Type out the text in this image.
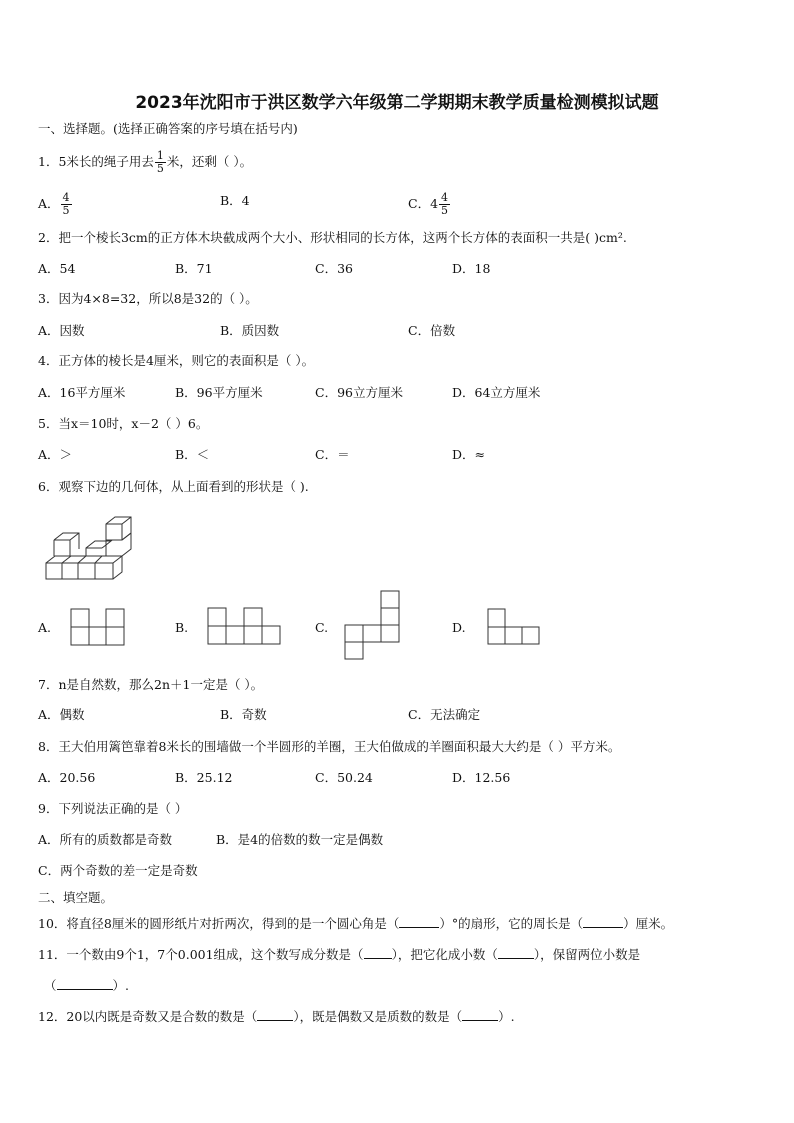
2023年沈阳市于洪区数学六年级第二学期期末教学质量检测模拟试题
一、选择题。(选择正确答案的序号填在括号内)
1．5米长的绳子用去 $\frac{1}{5}$ 米，还剩（ ）。
A． $\frac{4}{5}$	B．4	C．$4 \frac{4}{5}$
2．把一个棱长3cm的正方体木块截成两个大小、形状相同的长方体，这两个长方体的表面积一共是( )cm².
A．54	B．71	C．36	D．18
3．因为4×8=32，所以8是32的（ ）。
A．因数	B．质因数	C．倍数
4．正方体的棱长是4厘米，则它的表面积是（ ）。
A．16平方厘米	B．96平方厘米	C．96立方厘米	D．64立方厘米
5．当x＝10时，x－2（ ）6。
A．＞	B．＜	C．＝	D．≈
6．观察下边的几何体，从上面看到的形状是（ ).
A.	B.	C.	D.
7．n是自然数，那么2n＋1一定是（ ）。
A．偶数	B．奇数	C．无法确定
8．王大伯用篱笆靠着8米长的围墙做一个半圆形的羊圈，王大伯做成的羊圈面积最大大约是（ ）平方米。
A．20.56	B．25.12	C．50.24	D．12.56
9．下列说法正确的是（ ）
A．所有的质数都是奇数	B．是4的倍数的数一定是偶数
C．两个奇数的差一定是奇数
二、填空题。
10．将直径8厘米的圆形纸片对折两次，得到的是一个圆心角是（	）°的扇形，它的周长是（	）厘米。
11．一个数由9个1，7个0.001组成，这个数写成分数是（ ），把它化成小数（	），保留两位小数是
（	）.
12．20以内既是奇数又是合数的数是（	），既是偶数又是质数的数是（	）.
